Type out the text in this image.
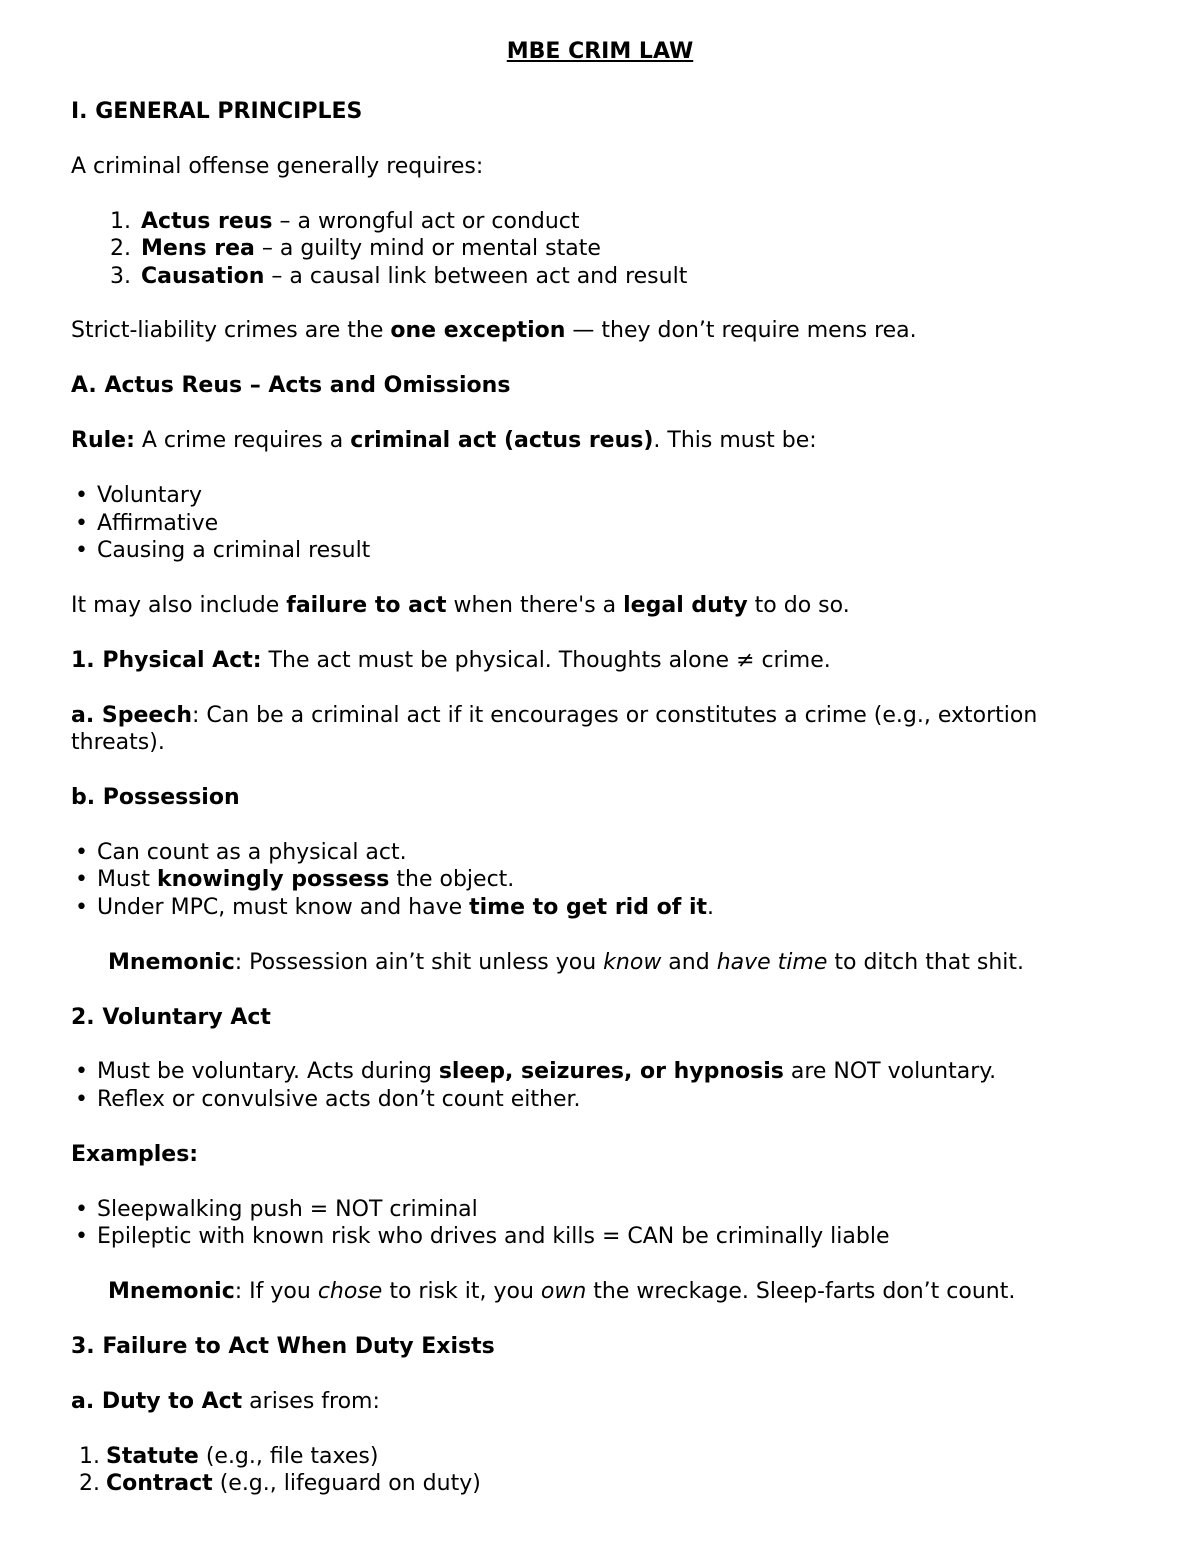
MBE CRIM LAW

I. GENERAL PRINCIPLES

A criminal offense generally requires:

1. Actus reus – a wrongful act or conduct

2. Mens rea – a guilty mind or mental state

3. Causation – a causal link between act and result

Strict-liability crimes are the one exception — they don’t require mens rea.

A. Actus Reus – Acts and Omissions

Rule: A crime requires a criminal act (actus reus). This must be:

Voluntary

Affirmative

Causing a criminal result

It may also include failure to act when there's a legal duty to do so.

1. Physical Act: The act must be physical. Thoughts alone ≠ crime.

a. Speech: Can be a criminal act if it encourages or constitutes a crime (e.g., extortion threats).

b. Possession

Can count as a physical act.

Must knowingly possess the object.

Under MPC, must know and have time to get rid of it.

Mnemonic: Possession ain’t shit unless you know and have time to ditch that shit.

2. Voluntary Act

Must be voluntary. Acts during sleep, seizures, or hypnosis are NOT voluntary.

Reflex or convulsive acts don’t count either.

Examples:

Sleepwalking push = NOT criminal

Epileptic with known risk who drives and kills = CAN be criminally liable

Mnemonic: If you chose to risk it, you own the wreckage. Sleep-farts don’t count.

3. Failure to Act When Duty Exists

a. Duty to Act arises from:

1. Statute (e.g., file taxes)

2. Contract (e.g., lifeguard on duty)
